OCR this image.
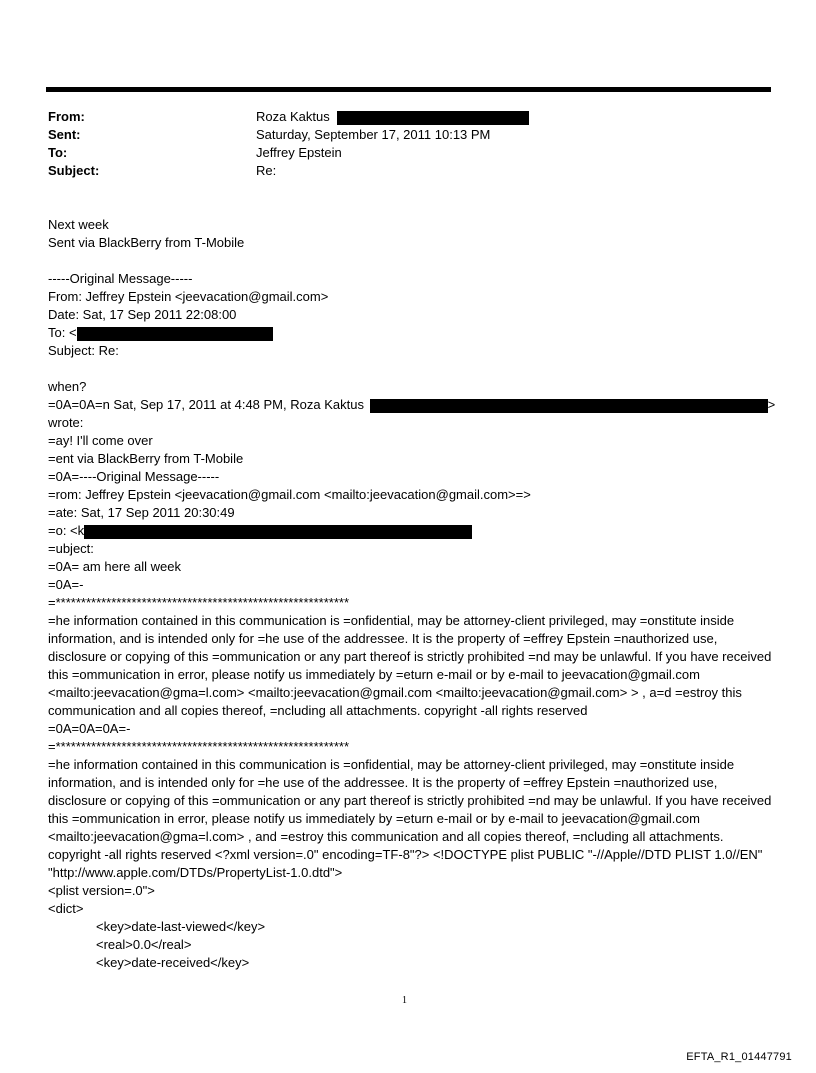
From:	Roza Kaktus
Sent:	Saturday, September 17, 2011 10:13 PM
To:	Jeffrey Epstein
Subject:	Re:
Next week
Sent via BlackBerry from T-Mobile
-----Original Message-----
From: Jeffrey Epstein <jeevacation@gmail.com>
Date: Sat, 17 Sep 2011 22:08:00
To: <
Subject: Re:
when?
=0A=0A=n Sat, Sep 17, 2011 at 4:48 PM, Roza Kaktus	>
wrote:
=ay! I'll come over
=ent via BlackBerry from T-Mobile
=0A=----Original Message-----
=rom: Jeffrey Epstein <jeevacation@gmail.com <mailto:jeevacation@gmail.com>=>
=ate: Sat, 17 Sep 2011 20:30:49
=o: <k
=ubject:
=0A= am here all week
=0A=-
=**********************************************************
=he information contained in this communication is =onfidential, may be attorney-client privileged, may =onstitute inside information, and is intended only for =he use of the addressee. It is the property of =effrey Epstein =nauthorized use, disclosure or copying of this =ommunication or any part thereof is strictly prohibited =nd may be unlawful. If you have received this =ommunication in error, please notify us immediately by =eturn e-mail or by e-mail to jeevacation@gmail.com <mailto:jeevacation@gma=l.com> <mailto:jeevacation@gmail.com <mailto:jeevacation@gmail.com> > , a=d =estroy this communication and all copies thereof, =ncluding all attachments. copyright -all rights reserved
=0A=0A=0A=-
=**********************************************************
=he information contained in this communication is =onfidential, may be attorney-client privileged, may =onstitute inside information, and is intended only for =he use of the addressee. It is the property of =effrey Epstein =nauthorized use, disclosure or copying of this =ommunication or any part thereof is strictly prohibited =nd may be unlawful. If you have received this =ommunication in error, please notify us immediately by =eturn e-mail or by e-mail to jeevacation@gmail.com <mailto:jeevacation@gma=l.com> , and =estroy this communication and all copies thereof, =ncluding all attachments. copyright -all rights reserved <?xml version=.0" encoding=TF-8"?> <!DOCTYPE plist PUBLIC "-//Apple//DTD PLIST 1.0//EN" "http://www.apple.com/DTDs/PropertyList-1.0.dtd">
<plist version=.0">
<dict>
<key>date-last-viewed</key>
<real>0.0</real>
<key>date-received</key>
1
EFTA_R1_01447791
